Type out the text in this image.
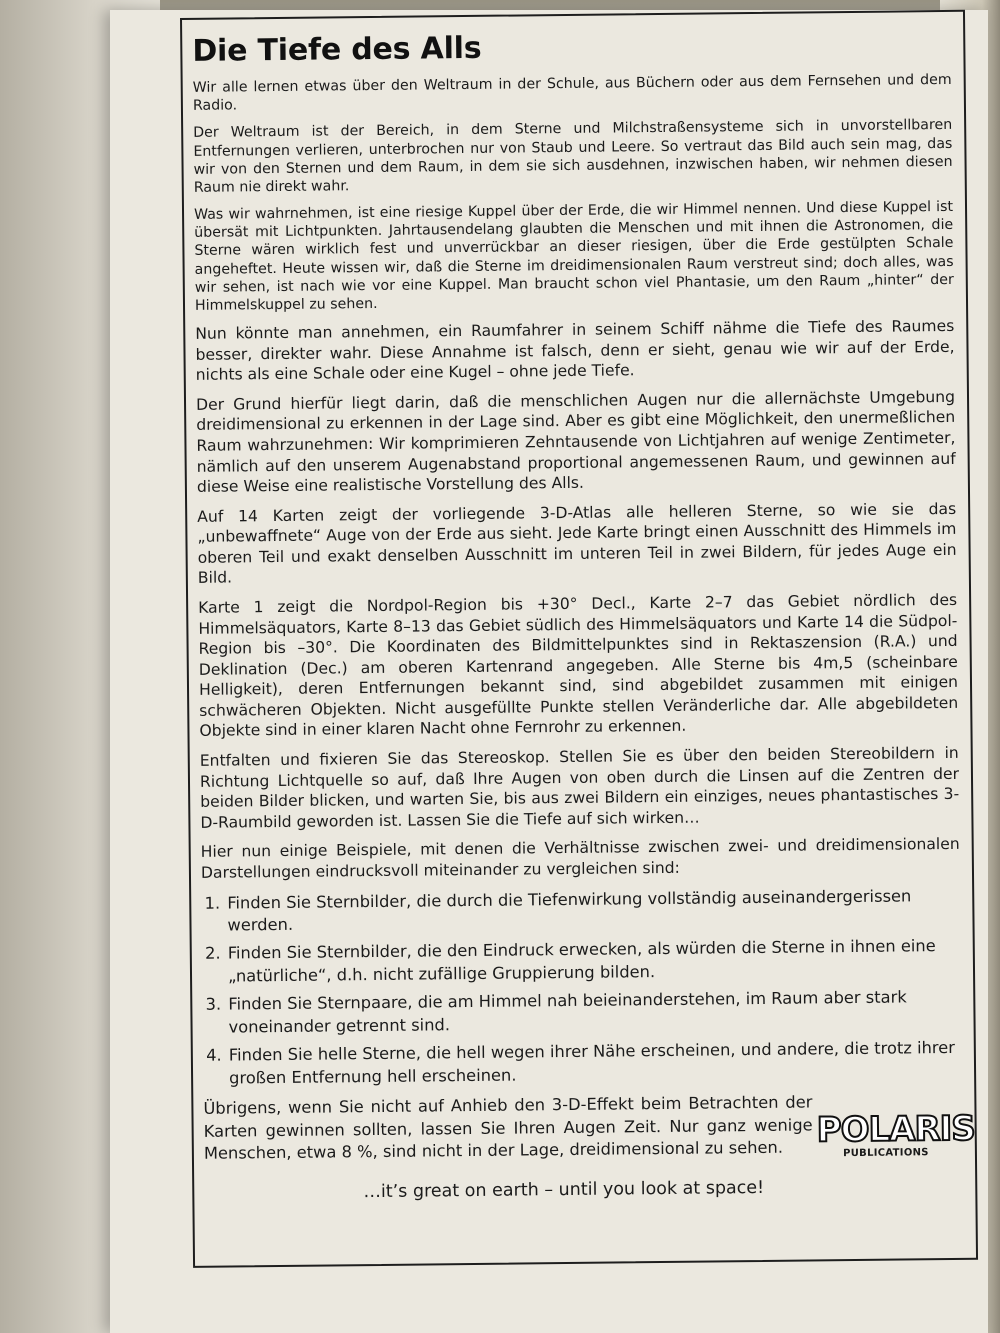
Die Tiefe des Alls

Wir alle lernen etwas über den Weltraum in der Schule, aus Büchern oder aus dem Fernsehen und dem Radio.

Der Weltraum ist der Bereich, in dem Sterne und Milchstraßensysteme sich in unvorstellbaren Entfernungen verlieren, unterbrochen nur von Staub und Leere. So vertraut das Bild auch sein mag, das wir von den Sternen und dem Raum, in dem sie sich ausdehnen, inzwischen haben, wir nehmen diesen Raum nie direkt wahr.

Was wir wahrnehmen, ist eine riesige Kuppel über der Erde, die wir Himmel nennen. Und diese Kuppel ist übersät mit Lichtpunkten. Jahrtausendelang glaubten die Menschen und mit ihnen die Astronomen, die Sterne wären wirklich fest und unverrückbar an dieser riesigen, über die Erde gestülpten Schale angeheftet. Heute wissen wir, daß die Sterne im dreidimensionalen Raum verstreut sind; doch alles, was wir sehen, ist nach wie vor eine Kuppel. Man braucht schon viel Phantasie, um den Raum „hinter“ der Himmelskuppel zu sehen.

Nun könnte man annehmen, ein Raumfahrer in seinem Schiff nähme die Tiefe des Raumes besser, direkter wahr. Diese Annahme ist falsch, denn er sieht, genau wie wir auf der Erde, nichts als eine Schale oder eine Kugel – ohne jede Tiefe.

Der Grund hierfür liegt darin, daß die menschlichen Augen nur die allernächste Umgebung dreidimensional zu erkennen in der Lage sind. Aber es gibt eine Möglichkeit, den unermeßlichen Raum wahrzunehmen: Wir komprimieren Zehntausende von Lichtjahren auf wenige Zentimeter, nämlich auf den unserem Augenabstand proportional angemessenen Raum, und gewinnen auf diese Weise eine realistische Vorstellung des Alls.

Auf 14 Karten zeigt der vorliegende 3-D-Atlas alle helleren Sterne, so wie sie das „unbewaffnete“ Auge von der Erde aus sieht. Jede Karte bringt einen Ausschnitt des Himmels im oberen Teil und exakt denselben Ausschnitt im unteren Teil in zwei Bildern, für jedes Auge ein Bild.

Karte 1 zeigt die Nordpol-Region bis +30° Decl., Karte 2–7 das Gebiet nördlich des Himmelsäquators, Karte 8–13 das Gebiet südlich des Himmelsäquators und Karte 14 die Südpol-Region bis –30°. Die Koordinaten des Bildmittelpunktes sind in Rektaszension (R.A.) und Deklination (Dec.) am oberen Kartenrand angegeben. Alle Sterne bis 4m,5 (scheinbare Helligkeit), deren Entfernungen bekannt sind, sind abgebildet zusammen mit einigen schwächeren Objekten. Nicht ausgefüllte Punkte stellen Veränderliche dar. Alle abgebildeten Objekte sind in einer klaren Nacht ohne Fernrohr zu erkennen.

Entfalten und fixieren Sie das Stereoskop. Stellen Sie es über den beiden Stereobildern in Richtung Lichtquelle so auf, daß Ihre Augen von oben durch die Linsen auf die Zentren der beiden Bilder blicken, und warten Sie, bis aus zwei Bildern ein einziges, neues phantastisches 3-D-Raumbild geworden ist. Lassen Sie die Tiefe auf sich wirken…

Hier nun einige Beispiele, mit denen die Verhältnisse zwischen zwei- und dreidimensionalen Darstellungen eindrucksvoll miteinander zu vergleichen sind:

1. Finden Sie Sternbilder, die durch die Tiefenwirkung vollständig auseinandergerissen werden.
2. Finden Sie Sternbilder, die den Eindruck erwecken, als würden die Sterne in ihnen eine „natürliche“, d.h. nicht zufällige Gruppierung bilden.
3. Finden Sie Sternpaare, die am Himmel nah beieinanderstehen, im Raum aber stark voneinander getrennt sind.
4. Finden Sie helle Sterne, die hell wegen ihrer Nähe erscheinen, und andere, die trotz ihrer großen Entfernung hell erscheinen.

Übrigens, wenn Sie nicht auf Anhieb den 3-D-Effekt beim Betrachten der Karten gewinnen sollten, lassen Sie Ihren Augen Zeit. Nur ganz wenige Menschen, etwa 8 %, sind nicht in der Lage, dreidimensional zu sehen. POLARIS
PUBLICATIONS
…it’s great on earth – until you look at space!
